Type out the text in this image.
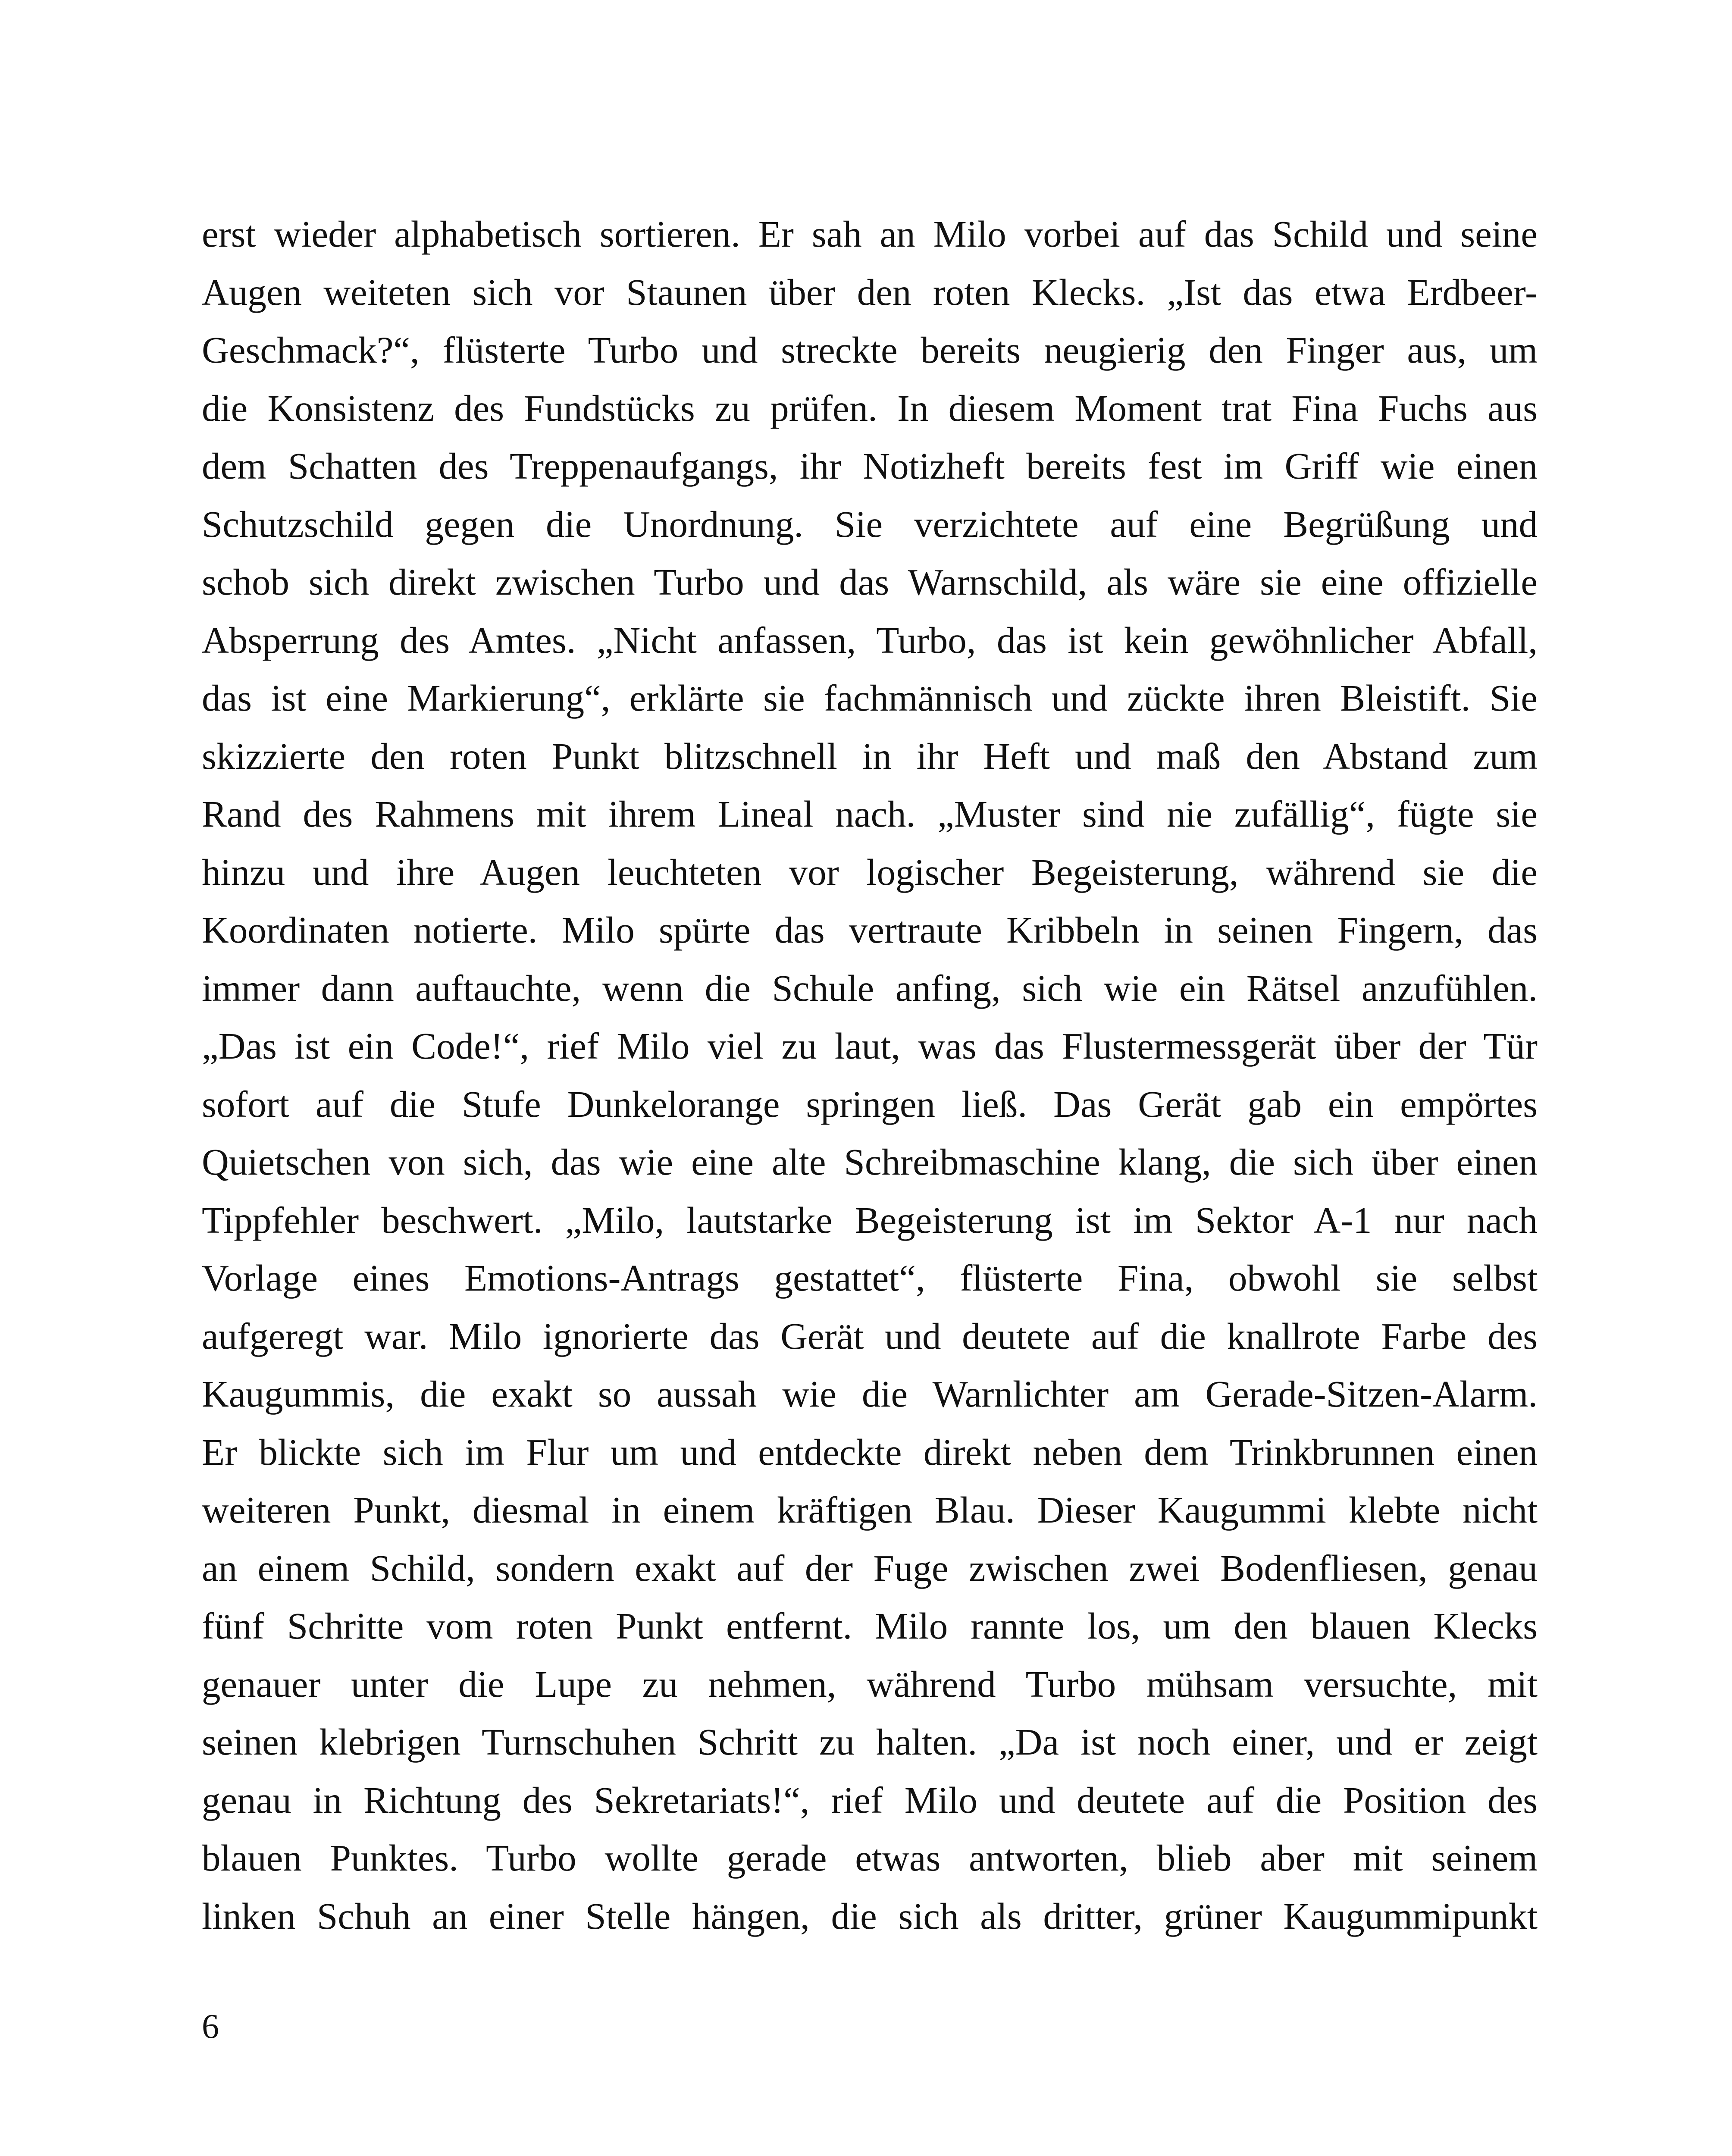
erst wieder alphabetisch sortieren. Er sah an Milo vorbei auf das Schild und seine
Augen weiteten sich vor Staunen über den roten Klecks. „Ist das etwa Erdbeer-
Geschmack?“, flüsterte Turbo und streckte bereits neugierig den Finger aus, um
die Konsistenz des Fundstücks zu prüfen. In diesem Moment trat Fina Fuchs aus
dem Schatten des Treppenaufgangs, ihr Notizheft bereits fest im Griff wie einen
Schutzschild gegen die Unordnung. Sie verzichtete auf eine Begrüßung und
schob sich direkt zwischen Turbo und das Warnschild, als wäre sie eine offizielle
Absperrung des Amtes. „Nicht anfassen, Turbo, das ist kein gewöhnlicher Abfall,
das ist eine Markierung“, erklärte sie fachmännisch und zückte ihren Bleistift. Sie
skizzierte den roten Punkt blitzschnell in ihr Heft und maß den Abstand zum
Rand des Rahmens mit ihrem Lineal nach. „Muster sind nie zufällig“, fügte sie
hinzu und ihre Augen leuchteten vor logischer Begeisterung, während sie die
Koordinaten notierte. Milo spürte das vertraute Kribbeln in seinen Fingern, das
immer dann auftauchte, wenn die Schule anfing, sich wie ein Rätsel anzufühlen.
„Das ist ein Code!“, rief Milo viel zu laut, was das Flustermessgerät über der Tür
sofort auf die Stufe Dunkelorange springen ließ. Das Gerät gab ein empörtes
Quietschen von sich, das wie eine alte Schreibmaschine klang, die sich über einen
Tippfehler beschwert. „Milo, lautstarke Begeisterung ist im Sektor A-1 nur nach
Vorlage eines Emotions-Antrags gestattet“, flüsterte Fina, obwohl sie selbst
aufgeregt war. Milo ignorierte das Gerät und deutete auf die knallrote Farbe des
Kaugummis, die exakt so aussah wie die Warnlichter am Gerade-Sitzen-Alarm.
Er blickte sich im Flur um und entdeckte direkt neben dem Trinkbrunnen einen
weiteren Punkt, diesmal in einem kräftigen Blau. Dieser Kaugummi klebte nicht
an einem Schild, sondern exakt auf der Fuge zwischen zwei Bodenfliesen, genau
fünf Schritte vom roten Punkt entfernt. Milo rannte los, um den blauen Klecks
genauer unter die Lupe zu nehmen, während Turbo mühsam versuchte, mit
seinen klebrigen Turnschuhen Schritt zu halten. „Da ist noch einer, und er zeigt
genau in Richtung des Sekretariats!“, rief Milo und deutete auf die Position des
blauen Punktes. Turbo wollte gerade etwas antworten, blieb aber mit seinem
linken Schuh an einer Stelle hängen, die sich als dritter, grüner Kaugummipunkt
6
